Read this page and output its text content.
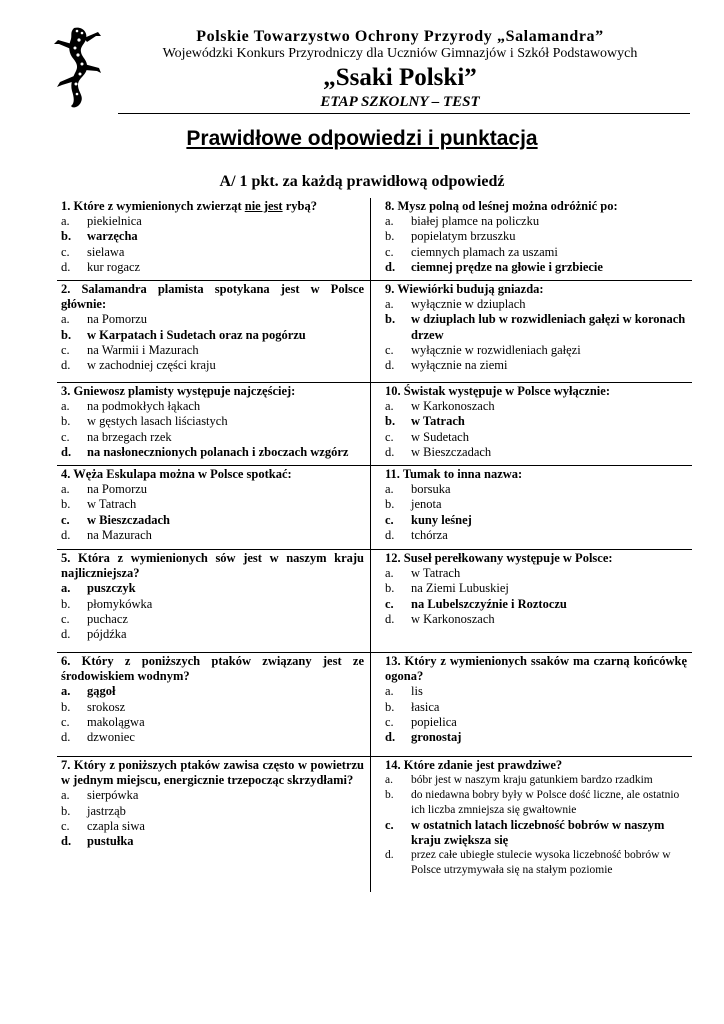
Polskie Towarzystwo Ochrony Przyrody „Salamandra”
Wojewódzki Konkurs Przyrodniczy dla Uczniów Gimnazjów i Szkół Podstawowych
„Ssaki Polski”
ETAP SZKOLNY – TEST
Prawidłowe odpowiedzi i punktacja
A/ 1 pkt. za każdą prawidłową odpowiedź
1. Które z wymienionych zwierząt nie jest rybą?
a. piekielnica
b. warzęcha
c. sielawa
d. kur rogacz
8. Mysz polną od leśnej można odróżnić po:
a. białej plamce na policzku
b. popielatym brzuszku
c. ciemnych plamach za uszami
d. ciemnej prędze na głowie i grzbiecie
2. Salamandra plamista spotykana jest w Polsce głównie:
a. na Pomorzu
b. w Karpatach i Sudetach oraz na pogórzu
c. na Warmii i Mazurach
d. w zachodniej części kraju
9. Wiewiórki budują gniazda:
a. wyłącznie w dziuplach
b. w dziuplach lub w rozwidleniach gałęzi w koronach drzew
c. wyłącznie w rozwidleniach gałęzi
d. wyłącznie na ziemi
3. Gniewosz plamisty występuje najczęściej:
a. na podmokłych łąkach
b. w gęstych lasach liściastych
c. na brzegach rzek
d. na nasłonecznionych polanach i zboczach wzgórz
10. Świstak występuje w Polsce wyłącznie:
a. w Karkonoszach
b. w Tatrach
c. w Sudetach
d. w Bieszczadach
4. Węża Eskulapa można w Polsce spotkać:
a. na Pomorzu
b. w Tatrach
c. w Bieszczadach
d. na Mazurach
11. Tumak to inna nazwa:
a. borsuka
b. jenota
c. kuny leśnej
d. tchórza
5. Która z wymienionych sów jest w naszym kraju najliczniejsza?
a. puszczyk
b. płomykówka
c. puchacz
d. pójdźka
12. Suseł perełkowany występuje w Polsce:
a. w Tatrach
b. na Ziemi Lubuskiej
c. na Lubelszczyźnie i Roztoczu
d. w Karkonoszach
6. Który z poniższych ptaków związany jest ze środowiskiem wodnym?
a. gągoł
b. srokosz
c. makolągwa
d. dzwoniec
13. Który z wymienionych ssaków ma czarną końcówkę ogona?
a. lis
b. łasica
c. popielica
d. gronostaj
7. Który z poniższych ptaków zawisa często w powietrzu w jednym miejscu, energicznie trzepocząc skrzydłami?
a. sierpówka
b. jastrząb
c. czapla siwa
d. pustułka
14. Które zdanie jest prawdziwe?
a. bóbr jest w naszym kraju gatunkiem bardzo rzadkim
b. do niedawna bobry były w Polsce dość liczne, ale ostatnio ich liczba zmniejsza się gwałtownie
c. w ostatnich latach liczebność bobrów w naszym kraju zwiększa się
d. przez całe ubiegłe stulecie wysoka liczebność bobrów w Polsce utrzymywała się na stałym poziomie
